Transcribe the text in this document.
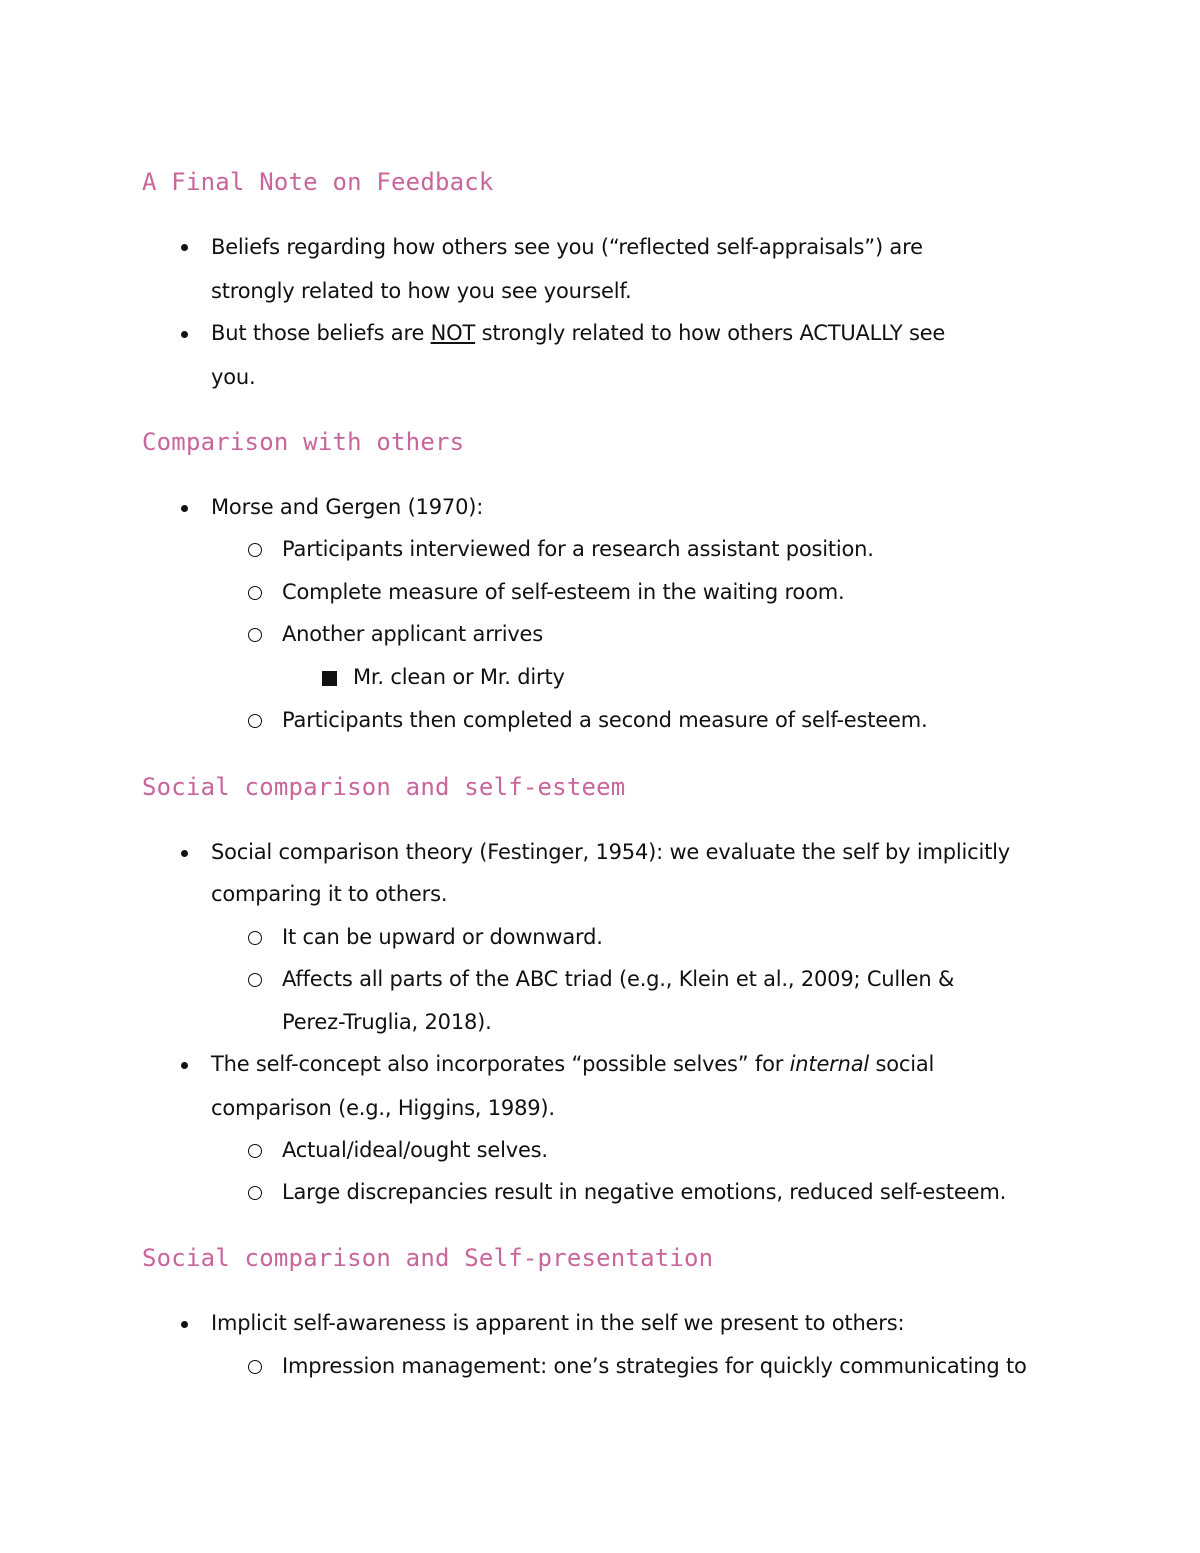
A Final Note on Feedback
Beliefs regarding how others see you (“reflected self-appraisals”) are
strongly related to how you see yourself.
But those beliefs are NOT strongly related to how others ACTUALLY see
you.
Comparison with others
Morse and Gergen (1970):
Participants interviewed for a research assistant position.
Complete measure of self-esteem in the waiting room.
Another applicant arrives
Mr. clean or Mr. dirty
Participants then completed a second measure of self-esteem.
Social comparison and self-esteem
Social comparison theory (Festinger, 1954): we evaluate the self by implicitly
comparing it to others.
It can be upward or downward.
Affects all parts of the ABC triad (e.g., Klein et al., 2009; Cullen &
Perez-Truglia, 2018).
The self-concept also incorporates “possible selves” for internal social
comparison (e.g., Higgins, 1989).
Actual/ideal/ought selves.
Large discrepancies result in negative emotions, reduced self-esteem.
Social comparison and Self-presentation
Implicit self-awareness is apparent in the self we present to others:
Impression management: one’s strategies for quickly communicating to
